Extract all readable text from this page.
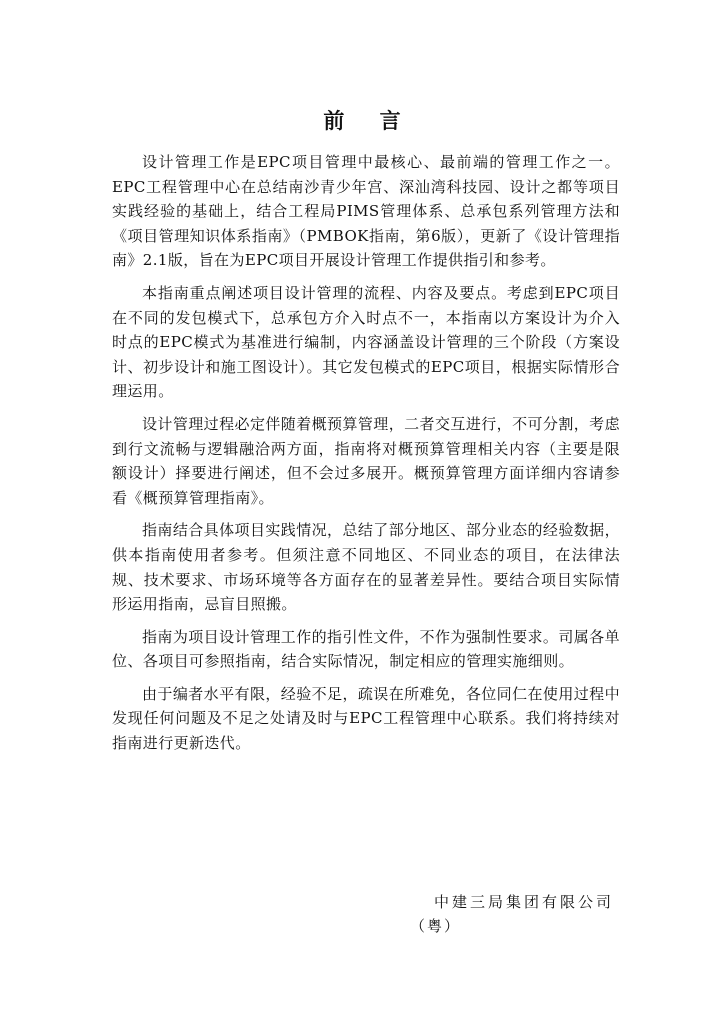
前 言

设计管理工作是EPC项目管理中最核心、最前端的管理工作之一。EPC工程管理中心在总结南沙青少年宫、深汕湾科技园、设计之都等项目实践经验的基础上，结合工程局PIMS管理体系、总承包系列管理方法和《项目管理知识体系指南》（PMBOK指南，第6版），更新了《设计管理指南》2.1版，旨在为EPC项目开展设计管理工作提供指引和参考。

本指南重点阐述项目设计管理的流程、内容及要点。考虑到EPC项目在不同的发包模式下，总承包方介入时点不一，本指南以方案设计为介入时点的EPC模式为基准进行编制，内容涵盖设计管理的三个阶段（方案设计、初步设计和施工图设计）。其它发包模式的EPC项目，根据实际情形合理运用。

设计管理过程必定伴随着概预算管理，二者交互进行，不可分割，考虑到行文流畅与逻辑融洽两方面，指南将对概预算管理相关内容（主要是限额设计）择要进行阐述，但不会过多展开。概预算管理方面详细内容请参看《概预算管理指南》。

指南结合具体项目实践情况，总结了部分地区、部分业态的经验数据，供本指南使用者参考。但须注意不同地区、不同业态的项目，在法律法规、技术要求、市场环境等各方面存在的显著差异性。要结合项目实际情形运用指南，忌盲目照搬。

指南为项目设计管理工作的指引性文件，不作为强制性要求。司属各单位、各项目可参照指南，结合实际情况，制定相应的管理实施细则。

由于编者水平有限，经验不足，疏误在所难免，各位同仁在使用过程中发现任何问题及不足之处请及时与EPC工程管理中心联系。我们将持续对指南进行更新迭代。

中建三局集团有限公司
（粤）
